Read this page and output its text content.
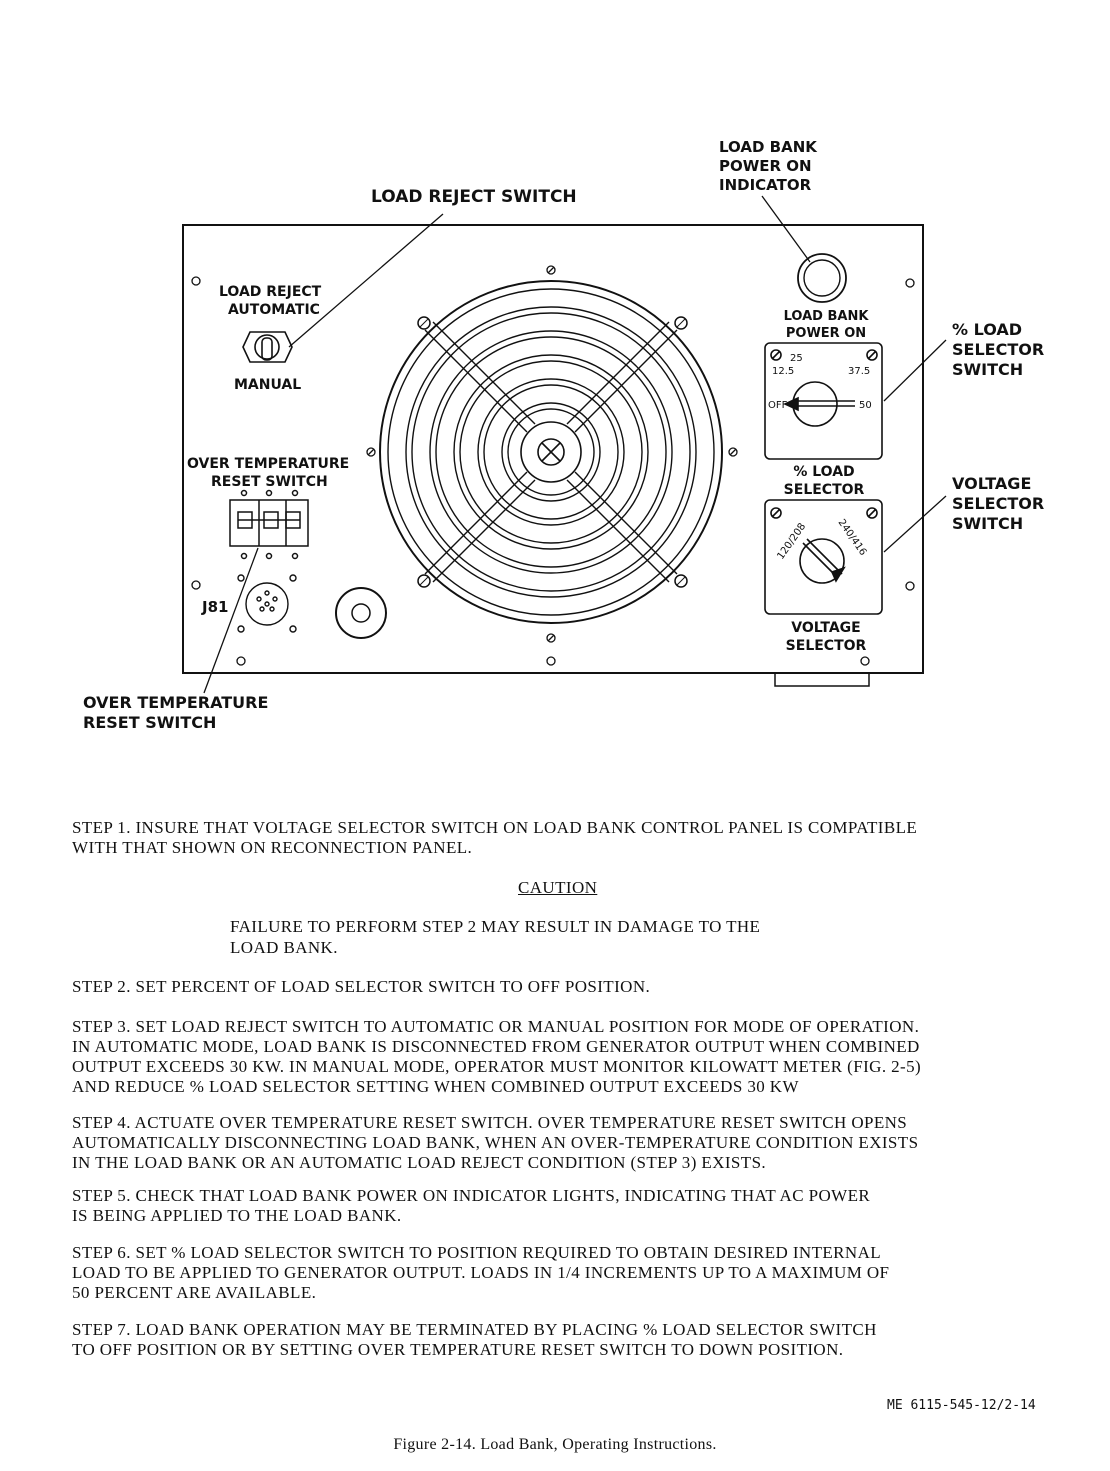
LOAD REJECT AUTOMATIC
MANUAL
LOAD REJECT SWITCH
OVER TEMPERATURE RESET SWITCH
J81
OVER TEMPERATURE RESET SWITCH
LOAD BANK POWER ON INDICATOR
LOAD BANK POWER ON
25
12.5	37.5
OFF	50
% LOAD SELECTOR
% LOAD SELECTOR SWITCH
120/208	240/416
VOLTAGE SELECTOR
VOLTAGE SELECTOR SWITCH
STEP 1. INSURE THAT VOLTAGE SELECTOR SWITCH ON LOAD BANK CONTROL PANEL IS COMPATIBLE
WITH THAT SHOWN ON RECONNECTION PANEL.
CAUTION
FAILURE TO PERFORM STEP 2 MAY RESULT IN DAMAGE TO THE
LOAD BANK.
STEP 2. SET PERCENT OF LOAD SELECTOR SWITCH TO OFF POSITION.
STEP 3. SET LOAD REJECT SWITCH TO AUTOMATIC OR MANUAL POSITION FOR MODE OF OPERATION.
IN AUTOMATIC MODE, LOAD BANK IS DISCONNECTED FROM GENERATOR OUTPUT WHEN COMBINED
OUTPUT EXCEEDS 30 KW. IN MANUAL MODE, OPERATOR MUST MONITOR KILOWATT METER (FIG. 2-5)
AND REDUCE % LOAD SELECTOR SETTING WHEN COMBINED OUTPUT EXCEEDS 30 KW
STEP 4. ACTUATE OVER TEMPERATURE RESET SWITCH. OVER TEMPERATURE RESET SWITCH OPENS
AUTOMATICALLY DISCONNECTING LOAD BANK, WHEN AN OVER-TEMPERATURE CONDITION EXISTS
IN THE LOAD BANK OR AN AUTOMATIC LOAD REJECT CONDITION (STEP 3) EXISTS.
STEP 5. CHECK THAT LOAD BANK POWER ON INDICATOR LIGHTS, INDICATING THAT AC POWER
IS BEING APPLIED TO THE LOAD BANK.
STEP 6. SET % LOAD SELECTOR SWITCH TO POSITION REQUIRED TO OBTAIN DESIRED INTERNAL
LOAD TO BE APPLIED TO GENERATOR OUTPUT. LOADS IN 1/4 INCREMENTS UP TO A MAXIMUM OF
50 PERCENT ARE AVAILABLE.
STEP 7. LOAD BANK OPERATION MAY BE TERMINATED BY PLACING % LOAD SELECTOR SWITCH
TO OFF POSITION OR BY SETTING OVER TEMPERATURE RESET SWITCH TO DOWN POSITION.
ME 6115-545-12/2-14
Figure 2-14. Load Bank, Operating Instructions.
